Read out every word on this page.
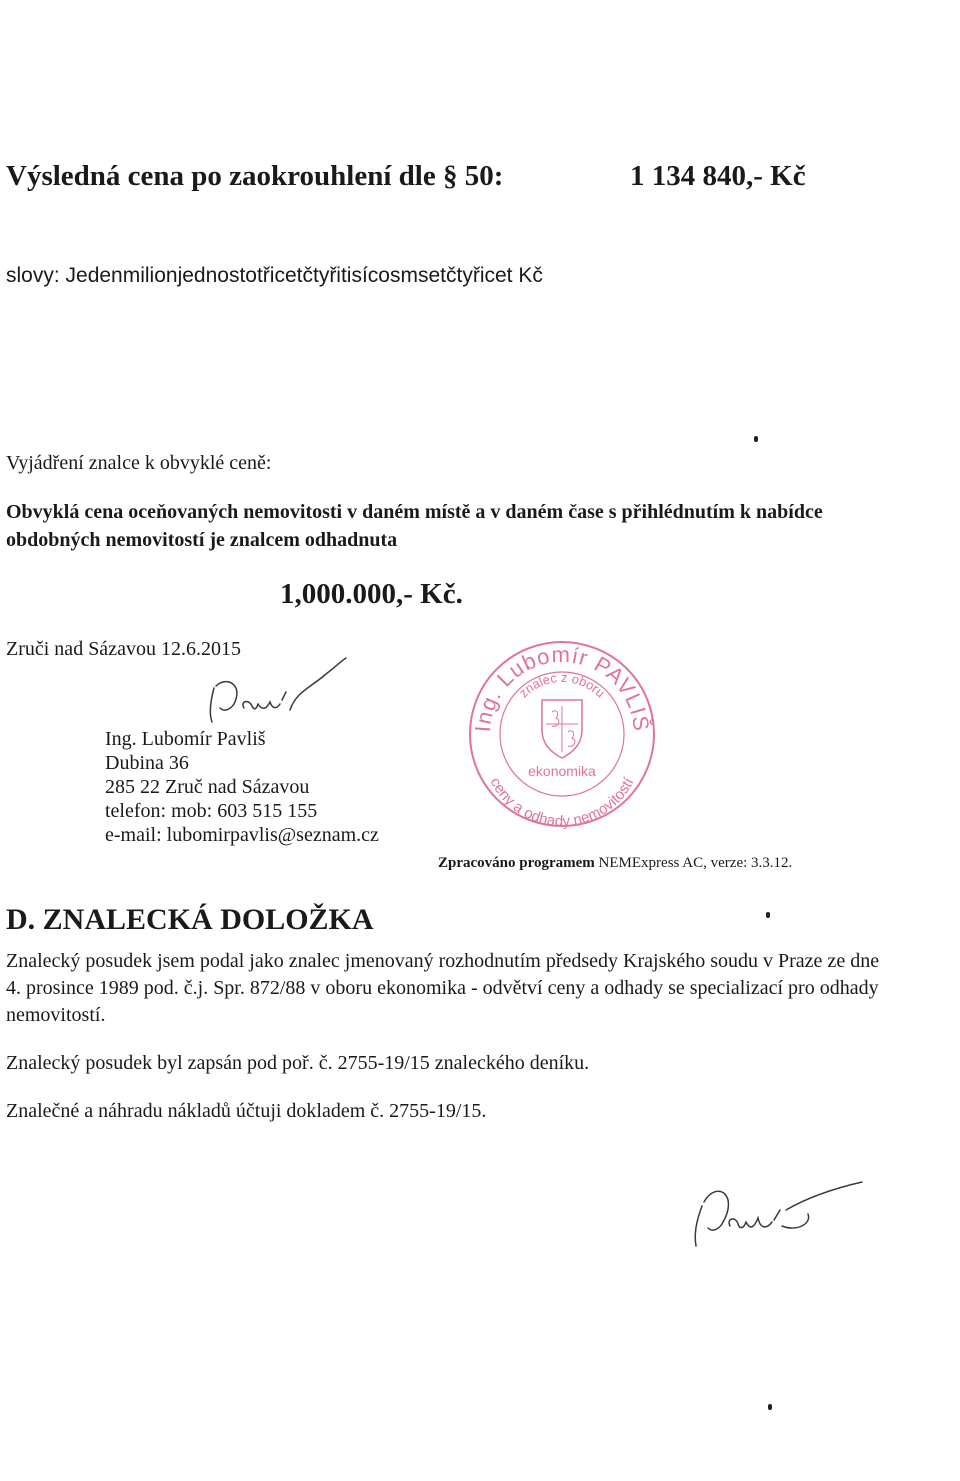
Výsledná cena po zaokrouhlení dle § 50:	1 134 840,- Kč
slovy: Jedenmilionjednostotřicetčtyřitisícosmsetčtyřicet Kč
Vyjádření znalce k obvyklé ceně:
Obvyklá cena oceňovaných nemovitosti v daném místě a v daném čase s přihlédnutím k nabídce obdobných nemovitostí je znalcem odhadnuta
1,000.000,- Kč.
Zruči nad Sázavou 12.6.2015
Ing. Lubomír Pavliš
Dubina 36
285 22 Zruč nad Sázavou
telefon: mob: 603 515 155
e-mail: lubomirpavlis@seznam.cz
Ing. Lubomír PAVLIŠ
znalec z oboru
ekonomika
ceny a odhady nemovitostí
Zpracováno programem NEMExpress AC, verze: 3.3.12.
D. ZNALECKÁ DOLOŽKA
Znalecký posudek jsem podal jako znalec jmenovaný rozhodnutím předsedy Krajského soudu v Praze ze dne 4. prosince 1989 pod. č.j. Spr. 872/88 v oboru ekonomika - odvětví ceny a odhady se specializací pro odhady nemovitostí.
Znalecký posudek byl zapsán pod poř. č. 2755-19/15 znaleckého deníku.
Znalečné a náhradu nákladů účtuji dokladem č. 2755-19/15.
